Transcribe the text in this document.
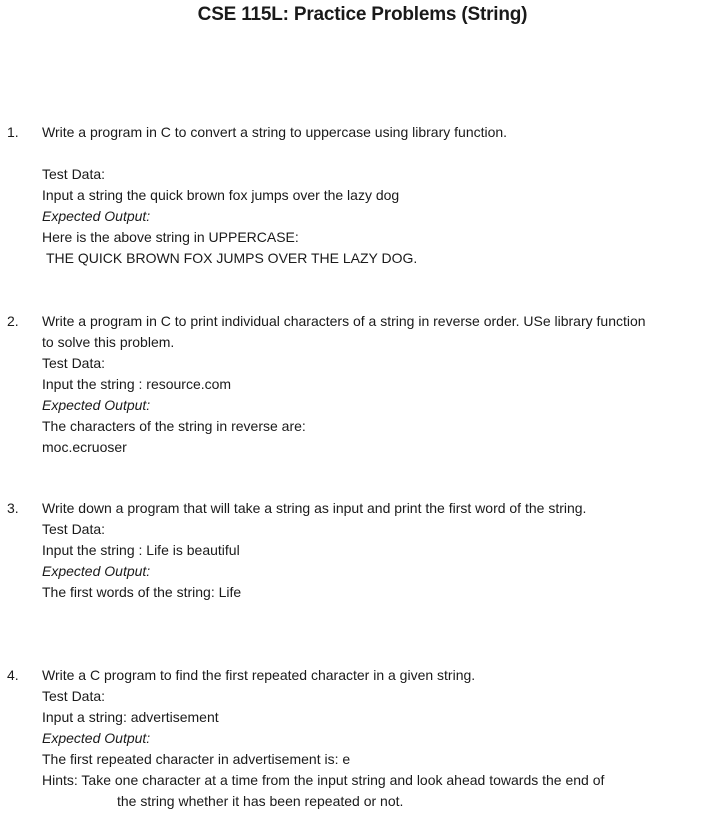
CSE 115L: Practice Problems (String)
1. Write a program in C to convert a string to uppercase using library function.
Test Data:
Input a string the quick brown fox jumps over the lazy dog
Expected Output:
Here is the above string in UPPERCASE:
THE QUICK BROWN FOX JUMPS OVER THE LAZY DOG.
2. Write a program in C to print individual characters of a string in reverse order. USe library function
to solve this problem.
Test Data:
Input the string : resource.com
Expected Output:
The characters of the string in reverse are:
moc.ecruoser
3. Write down a program that will take a string as input and print the first word of the string.
Test Data:
Input the string : Life is beautiful
Expected Output:
The first words of the string: Life
4. Write a C program to find the first repeated character in a given string.
Test Data:
Input a string: advertisement
Expected Output:
The first repeated character in advertisement is: e
Hints: Take one character at a time from the input string and look ahead towards the end of
the string whether it has been repeated or not.
